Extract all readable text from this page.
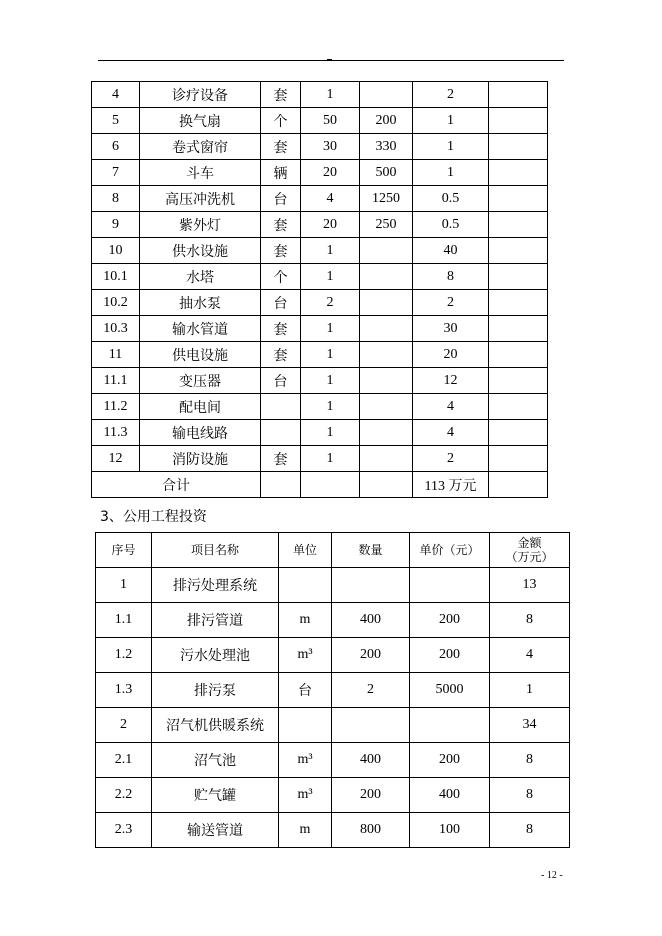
4	诊疗设备	套	1		2	
5	换气扇	个	50	200	1	
6	卷式窗帘	套	30	330	1	
7	斗车	辆	20	500	1	
8	高压冲洗机	台	4	1250	0.5	
9	紫外灯	套	20	250	0.5	
10	供水设施	套	1		40	
10.1	水塔	个	1		8	
10.2	抽水泵	台	2		2	
10.3	输水管道	套	1		30	
11	供电设施	套	1		20	
11.1	变压器	台	1		12	
11.2	配电间		1		4	
11.3	输电线路		1		4	
12	消防设施	套	1		2	
合计					113 万元	
3、公用工程投资
序号	项目名称	单位	数量	单价（元）	金额
（万元）
1	排污处理系统				13
1.1	排污管道	m	400	200	8
1.2	污水处理池	m³	200	200	4
1.3	排污泵	台	2	5000	1
2	沼气机供暖系统				34
2.1	沼气池	m³	400	200	8
2.2	贮气罐	m³	200	400	8
2.3	输送管道	m	800	100	8
- 12 -
